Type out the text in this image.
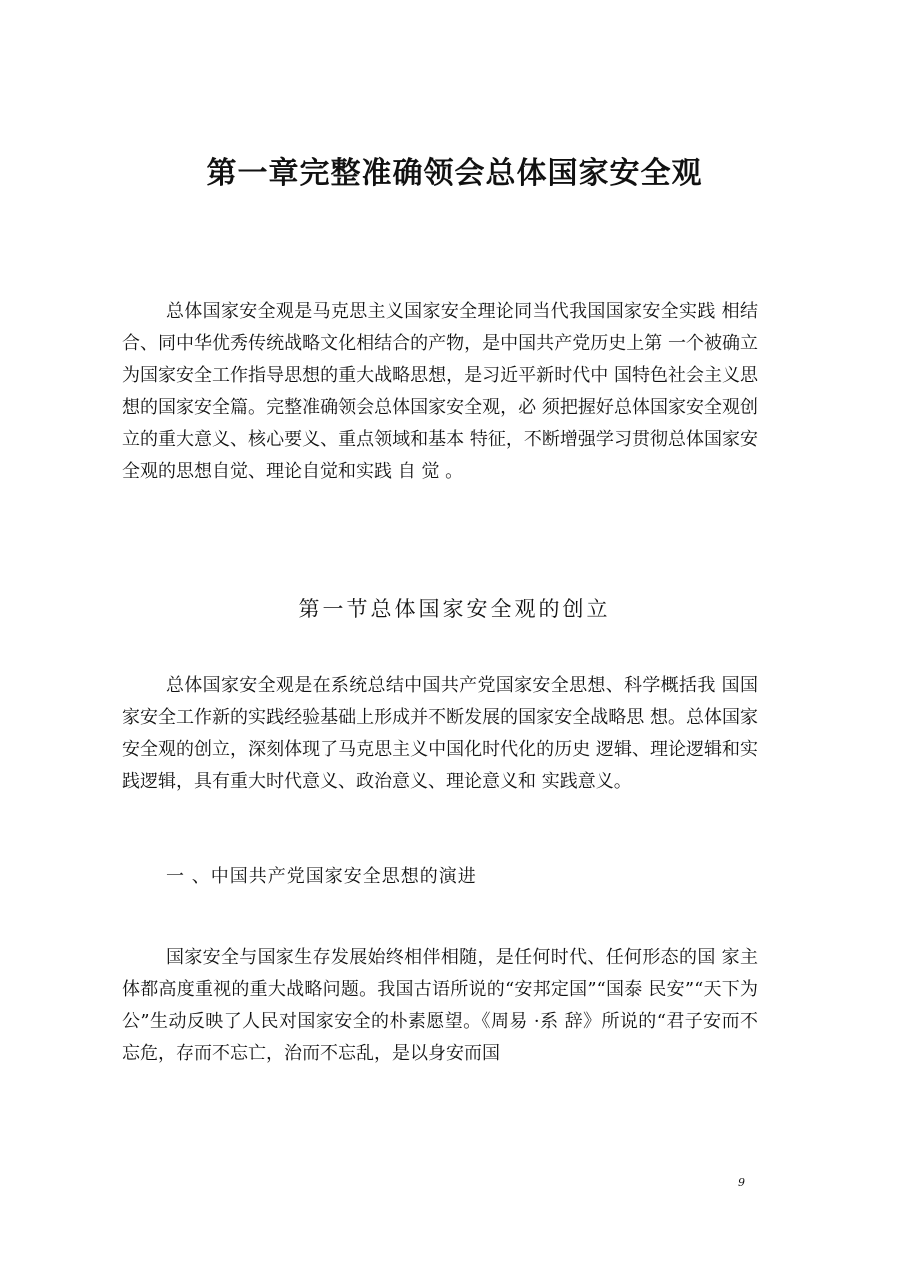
第一章完整准确领会总体国家安全观

总体国家安全观是马克思主义国家安全理论同当代我国国家安全实践 相结合、同中华优秀传统战略文化相结合的产物，是中国共产党历史上第 一个被确立为国家安全工作指导思想的重大战略思想，是习近平新时代中 国特色社会主义思想的国家安全篇。完整准确领会总体国家安全观，必 须把握好总体国家安全观创立的重大意义、核心要义、重点领域和基本 特征，不断增强学习贯彻总体国家安全观的思想自觉、理论自觉和实践 自 觉 。

第一节总体国家安全观的创立

总体国家安全观是在系统总结中国共产党国家安全思想、科学概括我 国国家安全工作新的实践经验基础上形成并不断发展的国家安全战略思 想。总体国家安全观的创立，深刻体现了马克思主义中国化时代化的历史 逻辑、理论逻辑和实践逻辑，具有重大时代意义、政治意义、理论意义和 实践意义。

一 、中国共产党国家安全思想的演进

国家安全与国家生存发展始终相伴相随，是任何时代、任何形态的国 家主体都高度重视的重大战略问题。我国古语所说的“安邦定国”“国泰 民安”“天下为公”生动反映了人民对国家安全的朴素愿望。《周易 ·系 辞》所说的“君子安而不忘危，存而不忘亡，治而不忘乱，是以身安而国

9
